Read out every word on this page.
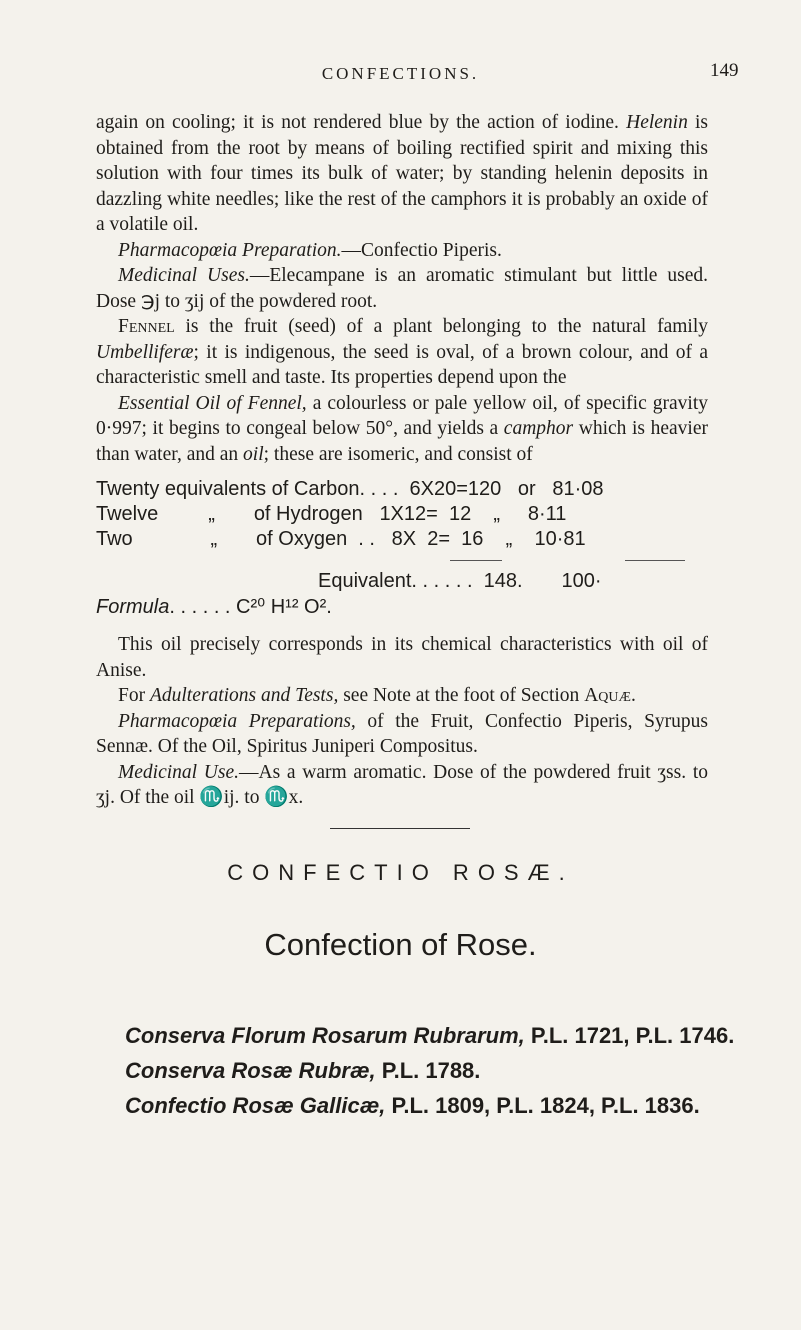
CONFECTIONS.	149

again on cooling; it is not rendered blue by the action of iodine. Helenin is obtained from the root by means of boiling rectified spirit and mixing this solution with four times its bulk of water; by standing helenin deposits in dazzling white needles; like the rest of the camphors it is probably an oxide of a volatile oil.

Pharmacopœia Preparation.—Confectio Piperis.

Medicinal Uses.—Elecampane is an aromatic stimulant but little used. Dose ℈j to ʒij of the powdered root.

Fennel is the fruit (seed) of a plant belonging to the natural family Umbelliferæ; it is indigenous, the seed is oval, of a brown colour, and of a characteristic smell and taste. Its properties depend upon the

Essential Oil of Fennel, a colourless or pale yellow oil, of specific gravity 0·997; it begins to congeal below 50°, and yields a camphor which is heavier than water, and an oil; these are isomeric, and consist of

Twenty equivalents of Carbon. . . .  6X20=120   or   81·08
Twelve         „       of Hydrogen   1X12=  12    „     8·11
Two              „       of Oxygen  . .   8X  2=  16    „    10·81
Equivalent. . . . . .  148.       100·
Formula. . . . . . C²⁰ H¹² O².

This oil precisely corresponds in its chemical characteristics with oil of Anise.

For Adulterations and Tests, see Note at the foot of Section Aquæ.

Pharmacopœia Preparations, of the Fruit, Confectio Piperis, Syrupus Sennæ. Of the Oil, Spiritus Juniperi Compositus.

Medicinal Use.—As a warm aromatic. Dose of the powdered fruit ʒss. to ʒj. Of the oil ♏ij. to ♏x.

CONFECTIO ROSÆ.
Confection of Rose.
Conserva Florum Rosarum Rubrarum, P.L. 1721, P.L. 1746.
Conserva Rosæ Rubræ, P.L. 1788.
Confectio Rosæ Gallicæ, P.L. 1809, P.L. 1824, P.L. 1836.
